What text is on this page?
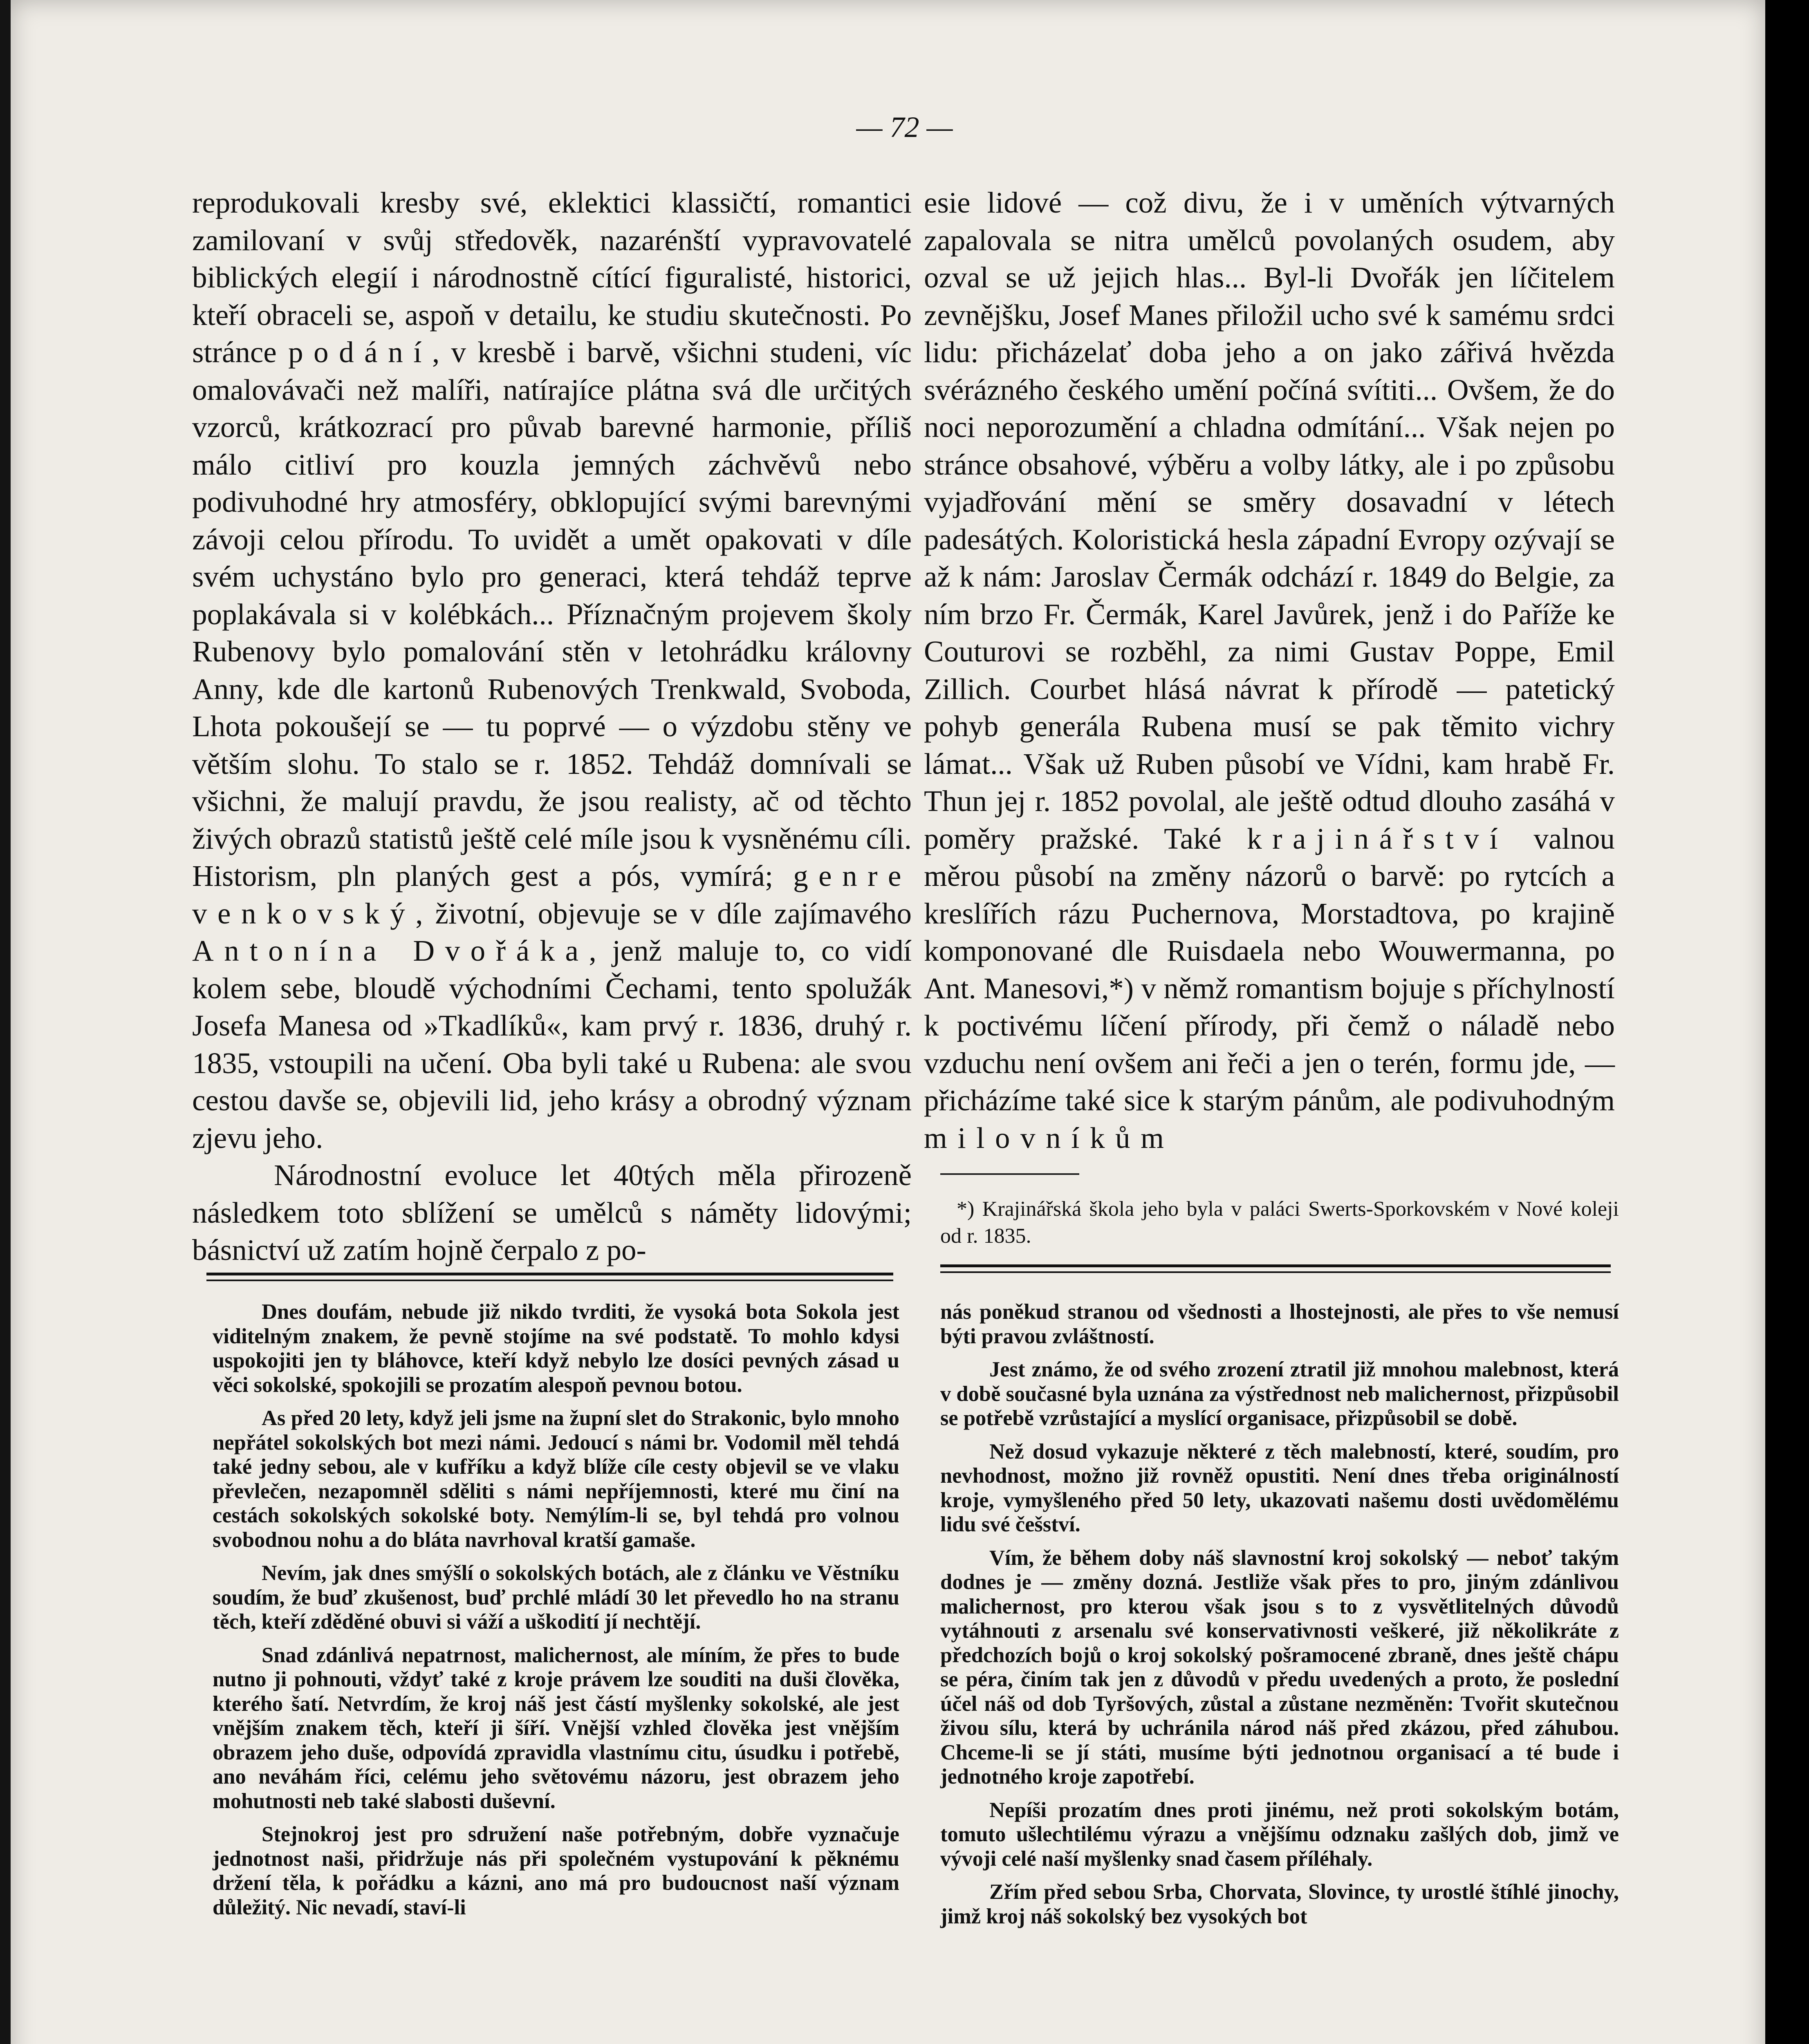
— 72 —

reprodukovali kresby své, eklektici klassičtí, romantici zamilovaní v svůj středověk, nazarénští vypravovatelé biblických elegií i národnostně cítící figuralisté, historici, kteří obraceli se, aspoň v detailu, ke studiu skutečnosti. Po stránce podání, v kresbě i barvě, všichni studeni, víc omalovávači než malíři, natírajíce plátna svá dle určitých vzorců, krátkozrací pro půvab barevné harmonie, příliš málo citliví pro kouzla jemných záchvěvů nebo podivuhodné hry atmosféry, obklopující svými barevnými závoji celou přírodu. To uvidět a umět opakovati v díle svém uchystáno bylo pro generaci, která tehdáž teprve poplakávala si v kolébkách... Příznačným projevem školy Rubenovy bylo pomalování stěn v letohrádku královny Anny, kde dle kartonů Rubenových Trenkwald, Svoboda, Lhota pokoušejí se — tu poprvé — o výzdobu stěny ve větším slohu. To stalo se r. 1852. Tehdáž domnívali se všichni, že malují pravdu, že jsou realisty, ač od těchto živých obrazů statistů ještě celé míle jsou k vysněnému cíli. Historism, pln planých gest a pós, vymírá; genre venkovský, životní, objevuje se v díle zajímavého Antonína Dvořáka, jenž maluje to, co vidí kolem sebe, bloudě východními Čechami, tento spolužák Josefa Manesa od »Tkadlíků«, kam prvý r. 1836, druhý r. 1835, vstoupili na učení. Oba byli také u Rubena: ale svou cestou davše se, objevili lid, jeho krásy a obrodný význam zjevu jeho.

Národnostní evoluce let 40tých měla přirozeně následkem toto sblížení se umělců s náměty lidovými; básnictví už zatím hojně čerpalo z po-

esie lidové — což divu, že i v uměních výtvarných zapalovala se nitra umělců povolaných osudem, aby ozval se už jejich hlas... Byl-li Dvořák jen líčitelem zevnějšku, Josef Manes přiložil ucho své k samému srdci lidu: přicházelať doba jeho a on jako zářivá hvězda svérázného českého umění počíná svítiti... Ovšem, že do noci neporozumění a chladna odmítání... Však nejen po stránce obsahové, výběru a volby látky, ale i po způsobu vyjadřování mění se směry dosavadní v létech padesátých. Koloristická hesla západní Evropy ozývají se až k nám: Jaroslav Čermák odchází r. 1849 do Belgie, za ním brzo Fr. Čermák, Karel Javůrek, jenž i do Paříže ke Couturovi se rozběhl, za nimi Gustav Poppe, Emil Zillich. Courbet hlásá návrat k přírodě — patetický pohyb generála Rubena musí se pak těmito vichry lámat... Však už Ruben působí ve Vídni, kam hrabě Fr. Thun jej r. 1852 povolal, ale ještě odtud dlouho zasáhá v poměry pražské. Také krajinářství valnou měrou působí na změny názorů o barvě: po rytcích a kreslířích rázu Puchernova, Morstadtova, po krajině komponované dle Ruisdaela nebo Wouwermanna, po Ant. Manesovi,*) v němž romantism bojuje s příchylností k poctivému líčení přírody, při čemž o náladě nebo vzduchu není ovšem ani řeči a jen o terén, formu jde, — přicházíme také sice k starým pánům, ale podivuhodným milovníkům

*) Krajinářská škola jeho byla v paláci Swerts-Sporkovském v Nové koleji od r. 1835.

Dnes doufám, nebude již nikdo tvrditi, že vysoká bota Sokola jest viditelným znakem, že pevně stojíme na své podstatě. To mohlo kdysi uspokojiti jen ty bláhovce, kteří když nebylo lze dosíci pevných zásad u věci sokolské, spokojili se prozatím alespoň pevnou botou.

As před 20 lety, když jeli jsme na župní slet do Strakonic, bylo mnoho nepřátel sokolských bot mezi námi. Jedoucí s námi br. Vodomil měl tehdá také jedny sebou, ale v kufříku a když blíže cíle cesty objevil se ve vlaku převlečen, nezapomněl sděliti s námi nepříjemnosti, které mu činí na cestách sokolských sokolské boty. Nemýlím-li se, byl tehdá pro volnou svobodnou nohu a do bláta navrhoval kratší gamaše.

Nevím, jak dnes smýšlí o sokolských botách, ale z článku ve Věstníku soudím, že buď zkušenost, buď prchlé mládí 30 let převedlo ho na stranu těch, kteří zděděné obuvi si váží a uškodití jí nechtějí.

Snad zdánlivá nepatrnost, malichernost, ale míním, že přes to bude nutno ji pohnouti, vždyť také z kroje právem lze souditi na duši člověka, kterého šatí. Netvrdím, že kroj náš jest částí myšlenky sokolské, ale jest vnějším znakem těch, kteří ji šíří. Vnější vzhled člověka jest vnějším obrazem jeho duše, odpovídá zpravidla vlastnímu citu, úsudku i potřebě, ano neváhám říci, celému jeho světovému názoru, jest obrazem jeho mohutnosti neb také slabosti duševní.

Stejnokroj jest pro sdružení naše potřebným, dobře vyznačuje jednotnost naši, přidržuje nás při společném vystupování k pěknému držení těla, k pořádku a kázni, ano má pro budoucnost naší význam důležitý. Nic nevadí, staví-li

nás poněkud stranou od všednosti a lhostejnosti, ale přes to vše nemusí býti pravou zvláštností.

Jest známo, že od svého zrození ztratil již mnohou malebnost, která v době současné byla uznána za výstřednost neb malichernost, přizpůsobil se potřebě vzrůstající a myslící organisace, přizpůsobil se době.

Než dosud vykazuje některé z těch malebností, které, soudím, pro nevhodnost, možno již rovněž opustiti. Není dnes třeba originálností kroje, vymyšleného před 50 lety, ukazovati našemu dosti uvědomělému lidu své češství.

Vím, že během doby náš slavnostní kroj sokolský — neboť takým dodnes je — změny dozná. Jestliže však přes to pro, jiným zdánlivou malichernost, pro kterou však jsou s to z vysvětlitelných důvodů vytáhnouti z arsenalu své konservativnosti veškeré, již několikráte z předchozích bojů o kroj sokolský pošramocené zbraně, dnes ještě chápu se péra, činím tak jen z důvodů v předu uvedených a proto, že poslední účel náš od dob Tyršových, zůstal a zůstane nezměněn: Tvořit skutečnou živou sílu, která by uchránila národ náš před zkázou, před záhubou. Chceme-li se jí státi, musíme býti jednotnou organisací a té bude i jednotného kroje zapotřebí.

Nepíši prozatím dnes proti jinému, než proti sokolským botám, tomuto ušlechtilému výrazu a vnějšímu odznaku zašlých dob, jimž ve vývoji celé naší myšlenky snad časem příléhaly.

Zřím před sebou Srba, Chorvata, Slovince, ty urostlé štíhlé jinochy, jimž kroj náš sokolský bez vysokých bot
